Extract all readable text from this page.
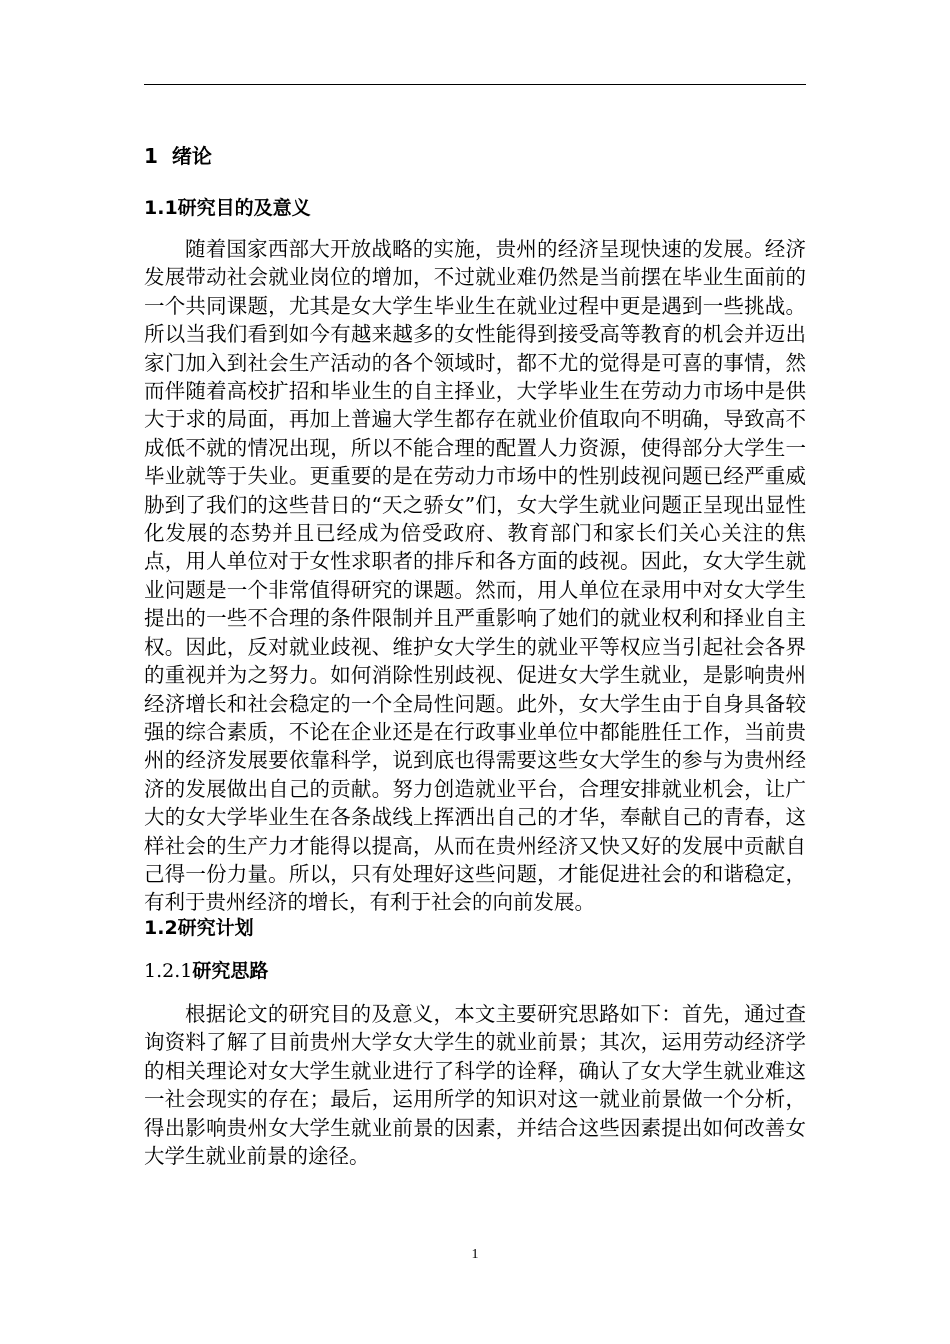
1 绪论
1.1研究目的及意义

随着国家西部大开放战略的实施，贵州的经济呈现快速的发展。经济发展带动社会就业岗位的增加，不过就业难仍然是当前摆在毕业生面前的一个共同课题，尤其是女大学生毕业生在就业过程中更是遇到一些挑战。所以当我们看到如今有越来越多的女性能得到接受高等教育的机会并迈出家门加入到社会生产活动的各个领域时，都不尤的觉得是可喜的事情，然而伴随着高校扩招和毕业生的自主择业，大学毕业生在劳动力市场中是供大于求的局面，再加上普遍大学生都存在就业价值取向不明确，导致高不成低不就的情况出现，所以不能合理的配置人力资源，使得部分大学生一毕业就等于失业。更重要的是在劳动力市场中的性别歧视问题已经严重威胁到了我们的这些昔日的“天之骄女”们，女大学生就业问题正呈现出显性化发展的态势并且已经成为倍受政府、教育部门和家长们关心关注的焦点，用人单位对于女性求职者的排斥和各方面的歧视。因此，女大学生就业问题是一个非常值得研究的课题。然而，用人单位在录用中对女大学生提出的一些不合理的条件限制并且严重影响了她们的就业权利和择业自主权。因此，反对就业歧视、维护女大学生的就业平等权应当引起社会各界的重视并为之努力。如何消除性别歧视、促进女大学生就业，是影响贵州经济增长和社会稳定的一个全局性问题。此外，女大学生由于自身具备较强的综合素质，不论在企业还是在行政事业单位中都能胜任工作，当前贵州的经济发展要依靠科学，说到底也得需要这些女大学生的参与为贵州经济的发展做出自己的贡献。努力创造就业平台，合理安排就业机会，让广大的女大学毕业生在各条战线上挥洒出自己的才华，奉献自己的青春，这样社会的生产力才能得以提高，从而在贵州经济又快又好的发展中贡献自己得一份力量。所以，只有处理好这些问题，才能促进社会的和谐稳定，有利于贵州经济的增长，有利于社会的向前发展。

1.2研究计划
1.2.1研究思路

根据论文的研究目的及意义，本文主要研究思路如下：首先，通过查询资料了解了目前贵州大学女大学生的就业前景；其次，运用劳动经济学的相关理论对女大学生就业进行了科学的诠释，确认了女大学生就业难这一社会现实的存在；最后，运用所学的知识对这一就业前景做一个分析，得出影响贵州女大学生就业前景的因素，并结合这些因素提出如何改善女大学生就业前景的途径。

1
